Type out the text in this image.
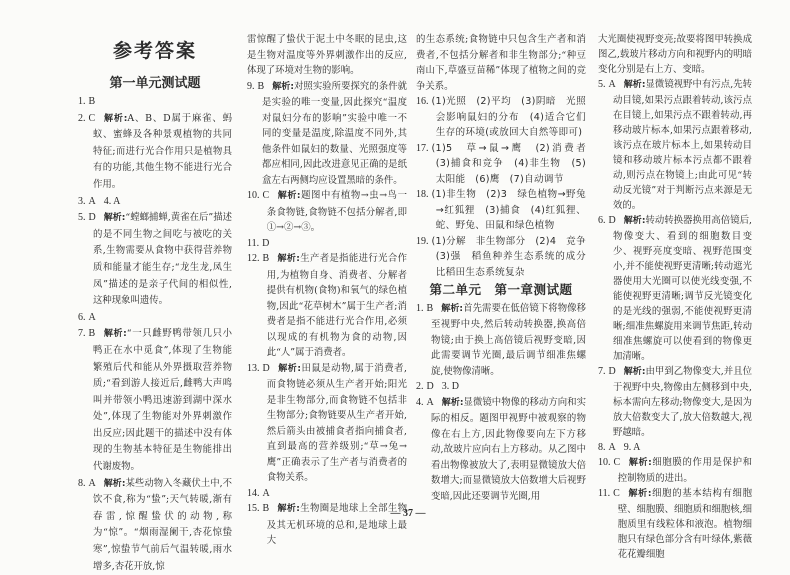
参考答案
第一单元测试题

1. B

2. C 解析:A、B、D属于麻雀、蚂蚁、蜜蜂及各种景观植物的共同特征;而进行光合作用只是植物具有的功能,其他生物不能进行光合作用。

3. A 4. A

5. D 解析:“螳螂捕蝉,黄雀在后”描述的是不同生物之间吃与被吃的关系,生物需要从食物中获得营养物质和能量才能生存;“龙生龙,凤生凤”描述的是亲子代间的相似性,这种现象叫遗传。

6. A

7. B 解析:“一只雌野鸭带领几只小鸭正在水中觅食”,体现了生物能繁殖后代和能从外界摄取营养物质;“看到游人接近后,雌鸭大声鸣叫并带领小鸭迅速游到湖中深水处”,体现了生物能对外界刺激作出反应;因此题干的描述中没有体现的生物基本特征是生物能排出代谢废物。

8. A 解析:某些动物入冬藏伏土中,不饮不食,称为“蛰”;天气转暖,渐有春雷,惊醒蛰伏的动物,称为“惊”。“烟雨湿阑干,杏花惊蛰寒”,惊蛰节气前后气温转暖,雨水增多,杏花开放,惊

雷惊醒了蛰伏于泥土中冬眠的昆虫,这是生物对温度等外界刺激作出的反应,体现了环境对生物的影响。

9. B 解析:对照实验所要探究的条件就是实验的唯一变量,因此探究“温度对鼠妇分布的影响”实验中唯一不同的变量是温度,除温度不同外,其他条件如鼠妇的数量、光照强度等都应相同,因此改进意见正确的是纸盒左右两侧均应设置黑暗的条件。

10. C 解析:题图中有植物→虫→鸟一条食物链,食物链不包括分解者,即①→②→③。

11. D

12. B 解析:生产者是指能进行光合作用,为植物自身、消费者、分解者提供有机物(食物)和氧气的绿色植物,因此“花草树木”属于生产者;消费者是指不能进行光合作用,必须以现成的有机物为食的动物,因此“人”属于消费者。

13. D 解析:田鼠是动物,属于消费者,而食物链必须从生产者开始;阳光是非生物部分,而食物链不包括非生物部分;食物链要从生产者开始,然后箭头由被捕食者指向捕食者,直到最高的营养级别;“草→兔→鹰”正确表示了生产者与消费者的食物关系。

14. A

15. B 解析:生物圈是地球上全部生物及其无机环境的总和,是地球上最大

的生态系统;食物链中只包含生产者和消费者,不包括分解者和非生物部分;“种豆南山下,草盛豆苗稀”体现了植物之间的竞争关系。

16. (1)光照　(2)平均　(3)阴暗　光照会影响鼠妇的分布　(4)适合它们生存的环境(或放回大自然等即可)

17. (1)5　草→鼠→鹰　(2)消费者　(3)捕食和竞争　(4)非生物　(5)太阳能　(6)鹰　(7)自动调节

18. (1)非生物　(2)3　绿色植物→野兔→红狐狸　(3)捕食　(4)红狐狸、蛇、野兔、田鼠和绿色植物

19. (1)分解　非生物部分　(2)4　竞争　(3)强　稻鱼种养生态系统的成分比稻田生态系统复杂

第二单元　第一章测试题

1. B 解析:首先需要在低倍镜下将物像移至视野中央,然后转动转换器,换高倍物镜;由于换上高倍镜后视野变暗,因此需要调节光圈,最后调节细准焦螺旋,使物像清晰。

2. D 3. D

4. A 解析:显微镜中物像的移动方向和实际的相反。题图甲视野中被观察的物像在右上方,因此物像要向左下方移动,故玻片应向右上方移动。从乙图中看出物像被放大了,表明显微镜放大倍数增大;而显微镜放大倍数增大后视野变暗,因此还要调节光圈,用

大光圈使视野变亮;故要将图甲转换成图乙,载玻片移动方向和视野内的明暗变化分别是右上方、变暗。

5. A 解析:显微镜视野中有污点,先转动目镜,如果污点跟着转动,该污点在目镜上,如果污点不跟着转动,再移动玻片标本,如果污点跟着移动,该污点在玻片标本上,如果转动目镜和移动玻片标本污点都不跟着动,则污点在物镜上;由此可见“转动反光镜”对于判断污点来源是无效的。

6. D 解析:转动转换器换用高倍镜后,物像变大、看到的细胞数目变少、视野亮度变暗、视野范围变小,并不能使视野更清晰;转动遮光器使用大光圈可以使光线变强,不能使视野更清晰;调节反光镜变化的是光线的强弱,不能使视野更清晰;细准焦螺旋用来调节焦距,转动细准焦螺旋可以使看到的物像更加清晰。

7. D 解析:由甲到乙物像变大,并且位于视野中央,物像由左侧移到中央,标本需向左移动;物像变大,是因为放大倍数变大了,放大倍数越大,视野越暗。

8. A 9. A

10. C 解析:细胞膜的作用是保护和控制物质的进出。

11. C 解析:细胞的基本结构有细胞壁、细胞膜、细胞质和细胞核,细胞质里有线粒体和液泡。植物细胞只有绿色部分含有叶绿体,紫薇花花瓣细胞

— 37 —
